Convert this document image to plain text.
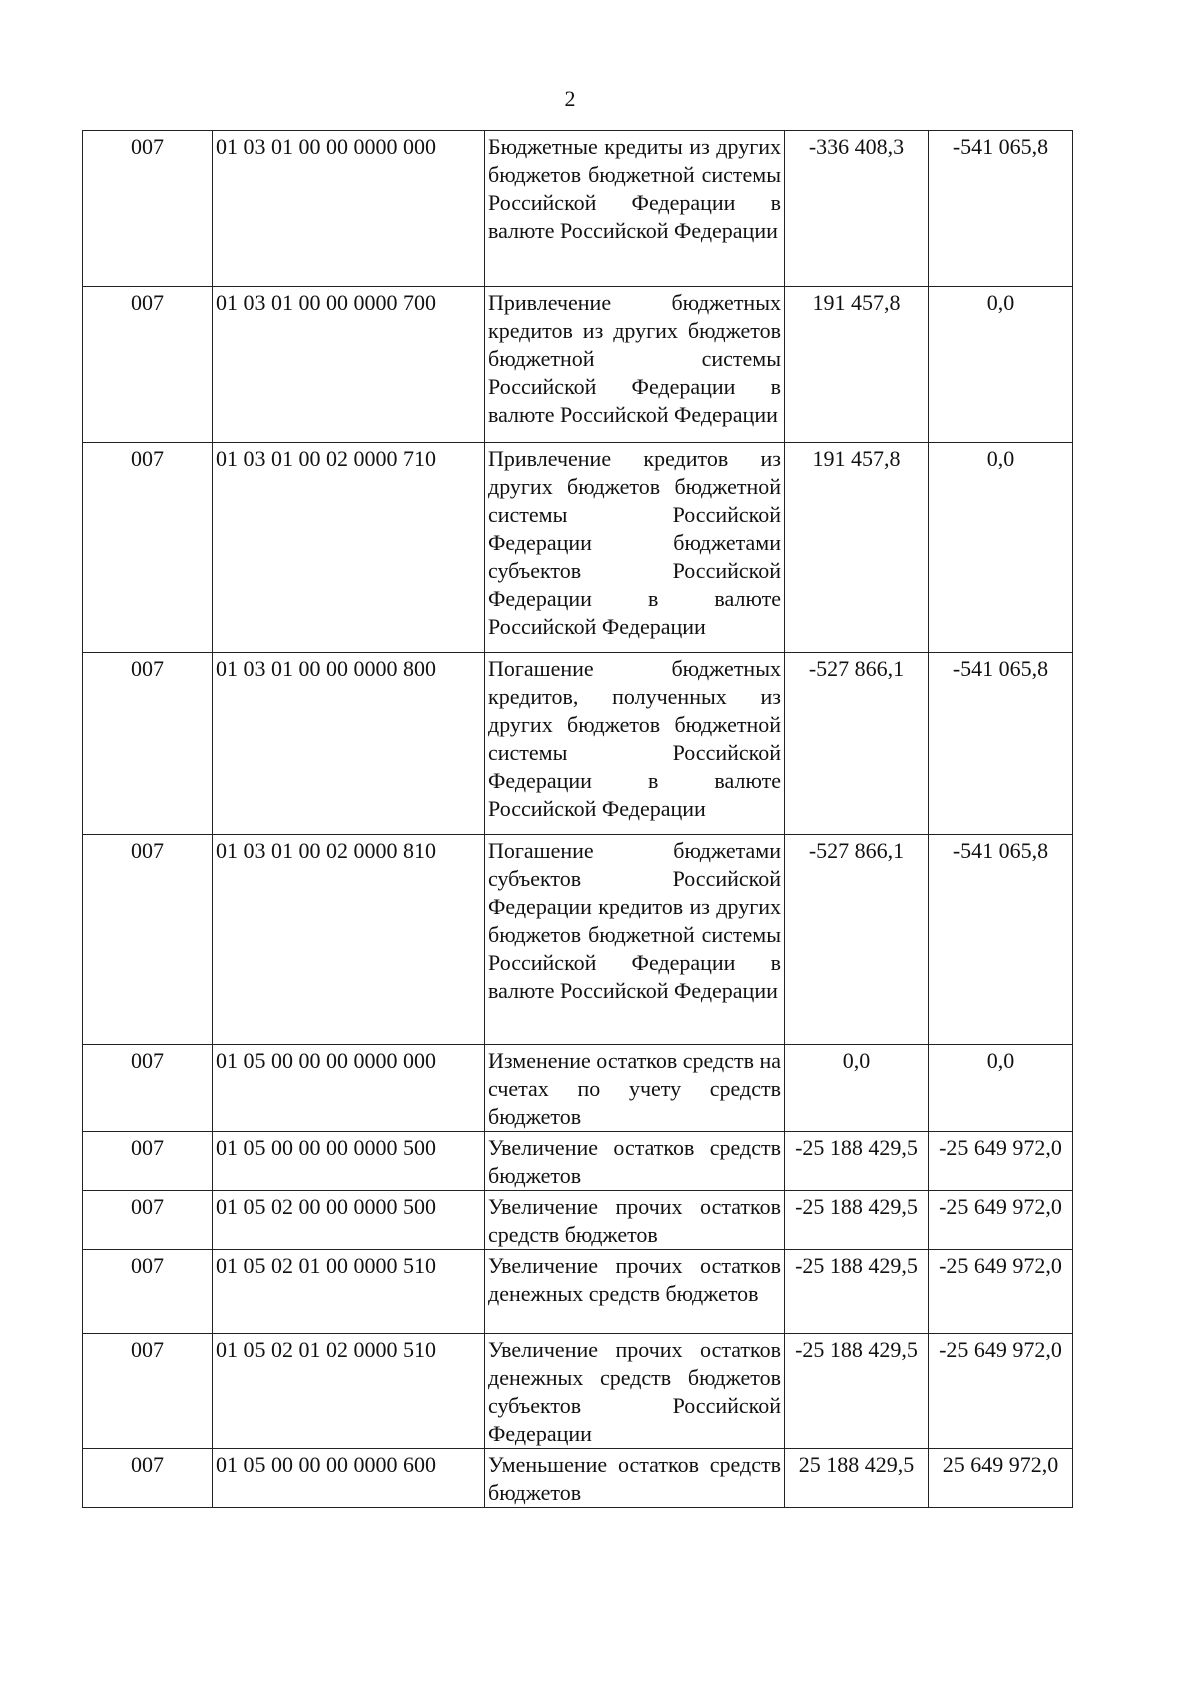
2
007	01 03 01 00 00 0000 000	Бюджетные кредиты из других бюджетов бюджетной системы Российской Федерации в валюте Российской Федерации	-336 408,3	-541 065,8
007	01 03 01 00 00 0000 700	Привлечение бюджетных кредитов из других бюджетов бюджетной системы Российской Федерации в валюте Российской Федерации	191 457,8	0,0
007	01 03 01 00 02 0000 710	Привлечение кредитов из других бюджетов бюджетной системы Российской Федерации бюджетами субъектов Российской Федерации в валюте Российской Федерации	191 457,8	0,0
007	01 03 01 00 00 0000 800	Погашение бюджетных кредитов, полученных из других бюджетов бюджетной системы Российской Федерации в валюте Российской Федерации	-527 866,1	-541 065,8
007	01 03 01 00 02 0000 810	Погашение бюджетами субъектов Российской Федерации кредитов из других бюджетов бюджетной системы Российской Федерации в валюте Российской Федерации	-527 866,1	-541 065,8
007	01 05 00 00 00 0000 000	Изменение остатков средств на счетах по учету средств бюджетов	0,0	0,0
007	01 05 00 00 00 0000 500	Увеличение остатков средств бюджетов	-25 188 429,5	-25 649 972,0
007	01 05 02 00 00 0000 500	Увеличение прочих остатков средств бюджетов	-25 188 429,5	-25 649 972,0
007	01 05 02 01 00 0000 510	Увеличение прочих остатков денежных средств бюджетов	-25 188 429,5	-25 649 972,0
007	01 05 02 01 02 0000 510	Увеличение прочих остатков денежных средств бюджетов субъектов Российской Федерации	-25 188 429,5	-25 649 972,0
007	01 05 00 00 00 0000 600	Уменьшение остатков средств бюджетов	25 188 429,5	25 649 972,0
